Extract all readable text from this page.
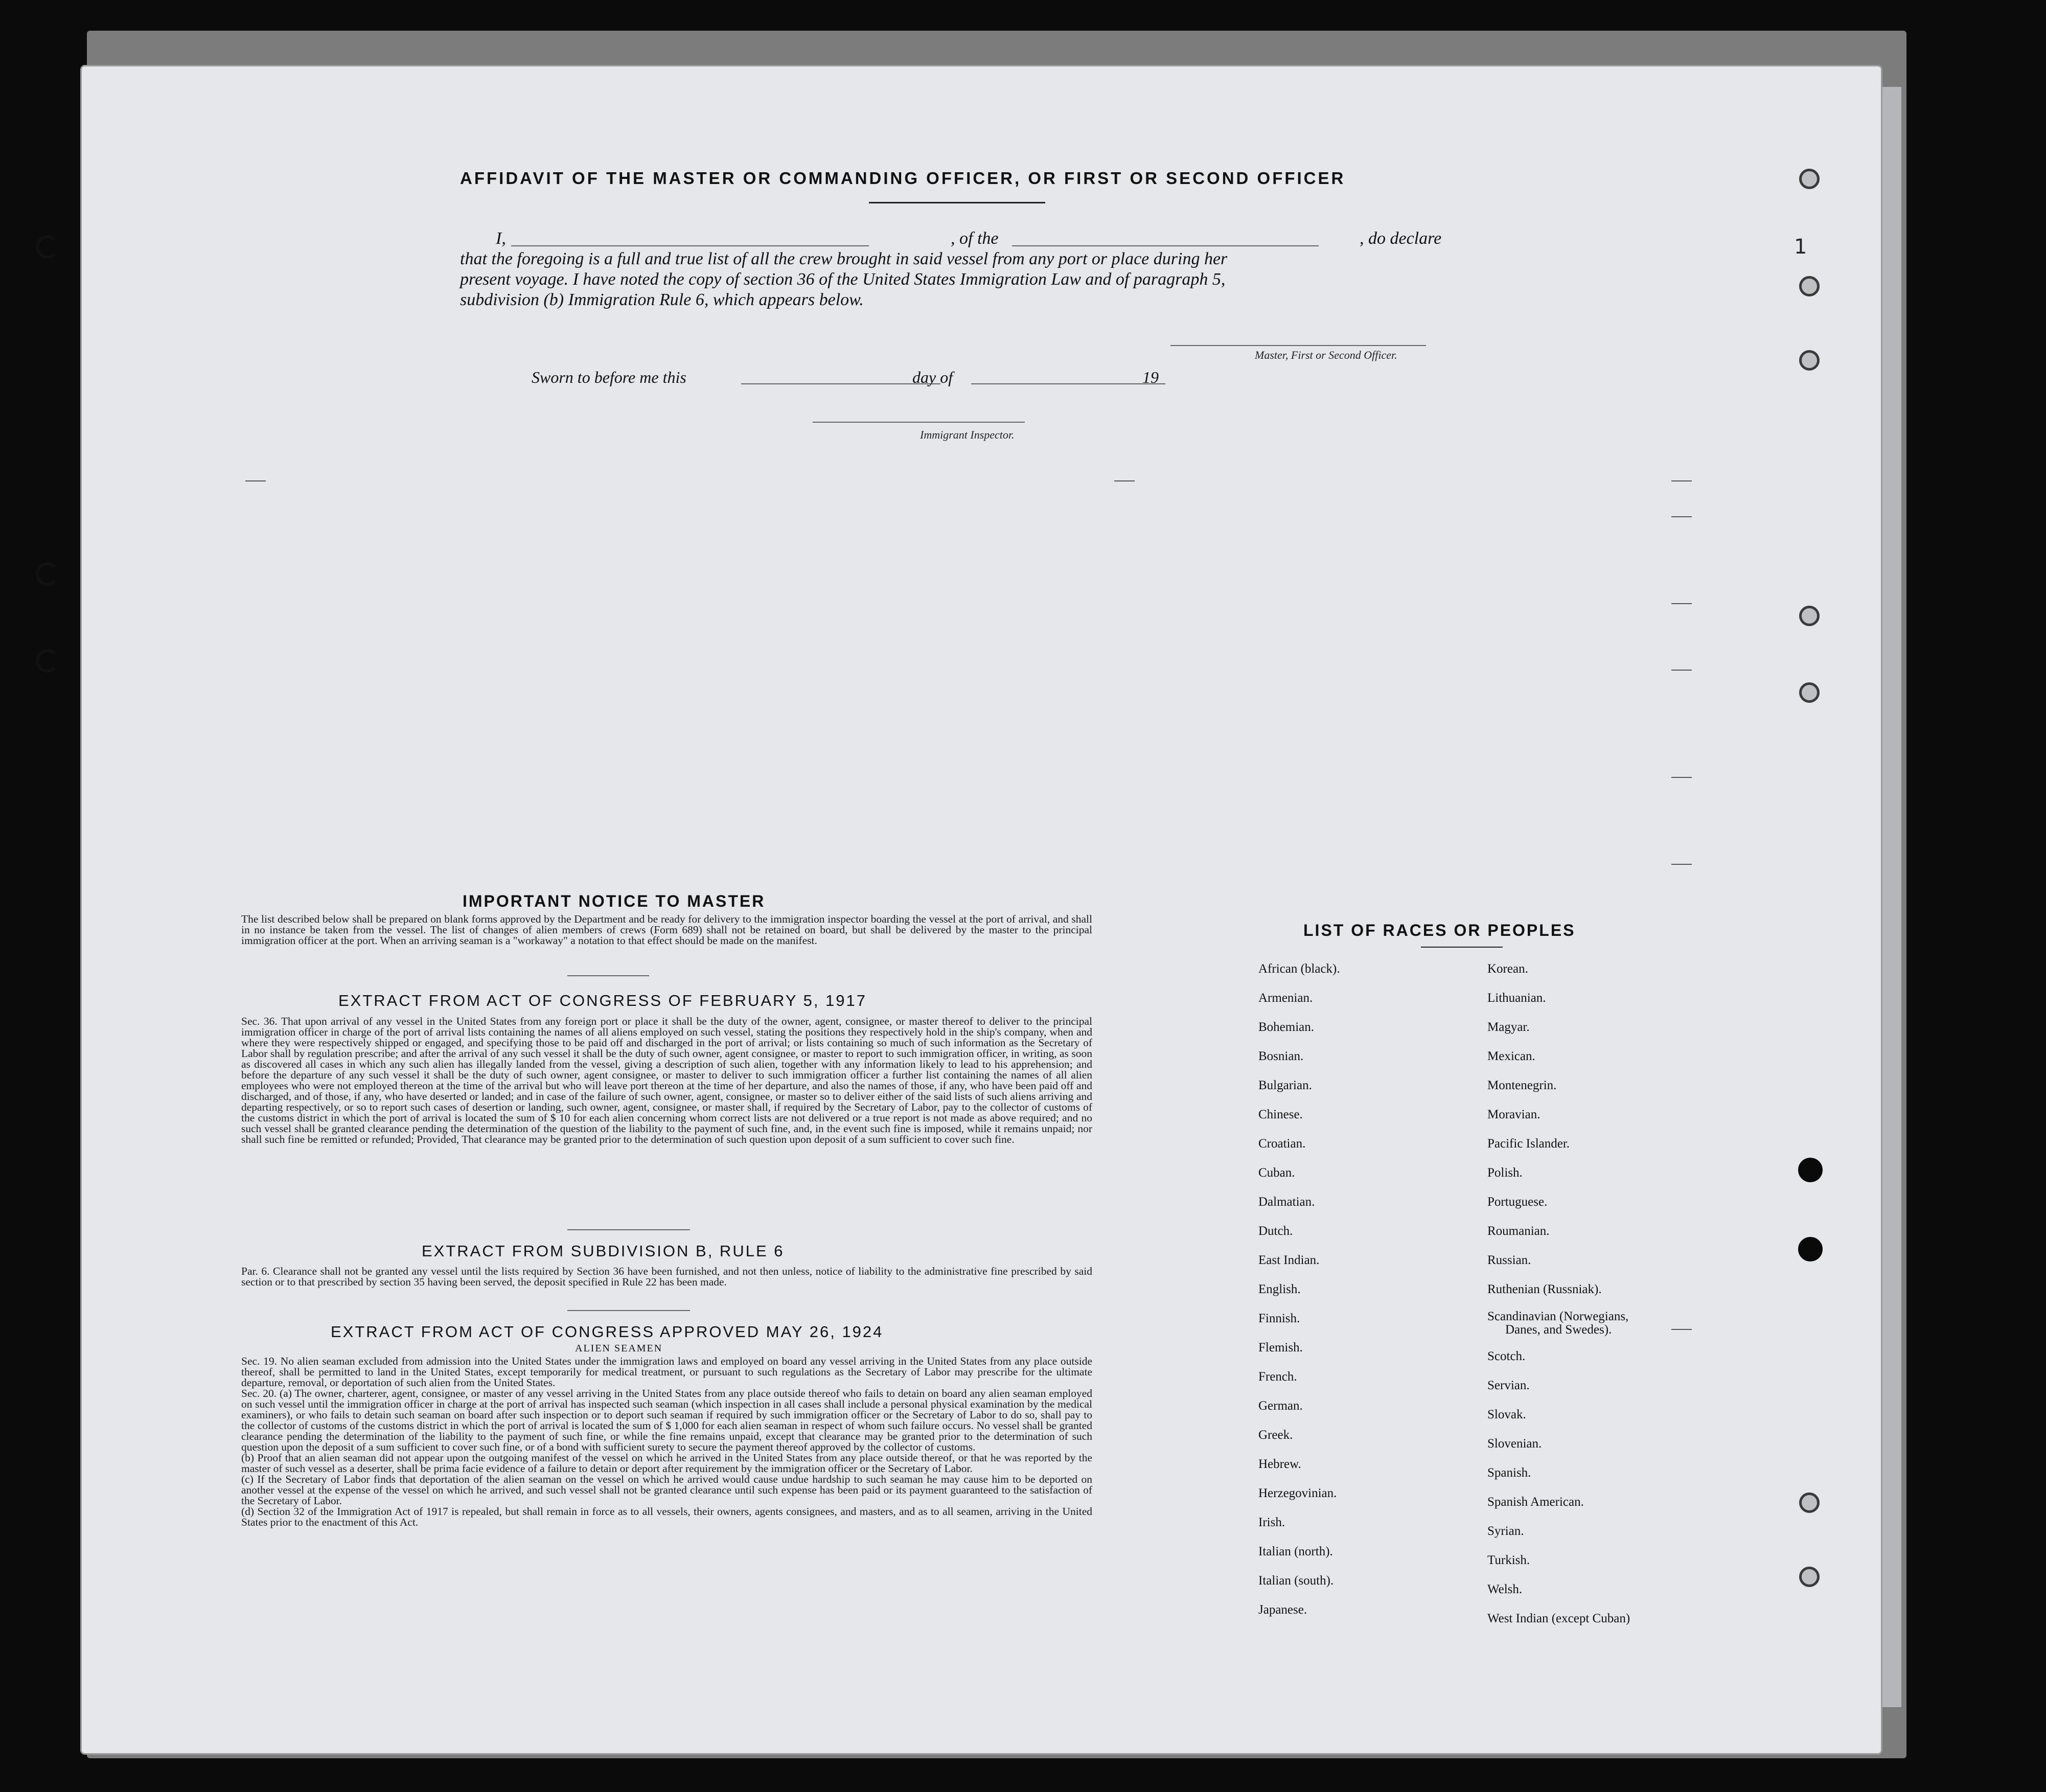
1
AFFIDAVIT OF THE MASTER OR COMMANDING OFFICER, OR FIRST OR SECOND OFFICER
I,	, of the	, do declare
that the foregoing is a full and true list of all the crew brought in said vessel from any port or place during her
present voyage. I have noted the copy of section 36 of the United States Immigration Law and of paragraph 5,
subdivision (b) Immigration Rule 6, which appears below.
Master, First or Second Officer.
Sworn to before me this	day of	19
Immigrant Inspector.
IMPORTANT NOTICE TO MASTER
The list described below shall be prepared on blank forms approved by the Department and be ready for delivery to the immigration inspector boarding the vessel at the port of arrival, and shall in no instance be taken from the vessel. The list of changes of alien members of crews (Form 689) shall not be retained on board, but shall be delivered by the master to the principal immigration officer at the port. When an arriving seaman is a "workaway" a notation to that effect should be made on the manifest.
EXTRACT FROM ACT OF CONGRESS OF FEBRUARY 5, 1917
Sec. 36. That upon arrival of any vessel in the United States from any foreign port or place it shall be the duty of the owner, agent, consignee, or master thereof to deliver to the principal immigration officer in charge of the port of arrival lists containing the names of all aliens employed on such vessel, stating the positions they respectively hold in the ship's company, when and where they were respectively shipped or engaged, and specifying those to be paid off and discharged in the port of arrival; or lists containing so much of such information as the Secretary of Labor shall by regulation prescribe; and after the arrival of any such vessel it shall be the duty of such owner, agent consignee, or master to report to such immigration officer, in writing, as soon as discovered all cases in which any such alien has illegally landed from the vessel, giving a description of such alien, together with any information likely to lead to his apprehension; and before the departure of any such vessel it shall be the duty of such owner, agent consignee, or master to deliver to such immigration officer a further list containing the names of all alien employees who were not employed thereon at the time of the arrival but who will leave port thereon at the time of her departure, and also the names of those, if any, who have been paid off and discharged, and of those, if any, who have deserted or landed; and in case of the failure of such owner, agent, consignee, or master so to deliver either of the said lists of such aliens arriving and departing respectively, or so to report such cases of desertion or landing, such owner, agent, consignee, or master shall, if required by the Secretary of Labor, pay to the collector of customs of the customs district in which the port of arrival is located the sum of $ 10 for each alien concerning whom correct lists are not delivered or a true report is not made as above required; and no such vessel shall be granted clearance pending the determination of the question of the liability to the payment of such fine, and, in the event such fine is imposed, while it remains unpaid; nor shall such fine be remitted or refunded; Provided, That clearance may be granted prior to the determination of such question upon deposit of a sum sufficient to cover such fine.
EXTRACT FROM SUBDIVISION B, RULE 6
Par. 6. Clearance shall not be granted any vessel until the lists required by Section 36 have been furnished, and not then unless, notice of liability to the administrative fine prescribed by said section or to that prescribed by section 35 having been served, the deposit specified in Rule 22 has been made.
EXTRACT FROM ACT OF CONGRESS APPROVED MAY 26, 1924
ALIEN SEAMEN

Sec. 19. No alien seaman excluded from admission into the United States under the immigration laws and employed on board any vessel arriving in the United States from any place outside thereof, shall be permitted to land in the United States, except temporarily for medical treatment, or pursuant to such regulations as the Secretary of Labor may prescribe for the ultimate departure, removal, or deportation of such alien from the United States.

Sec. 20. (a) The owner, charterer, agent, consignee, or master of any vessel arriving in the United States from any place outside thereof who fails to detain on board any alien seaman employed on such vessel until the immigration officer in charge at the port of arrival has inspected such seaman (which inspection in all cases shall include a personal physical examination by the medical examiners), or who fails to detain such seaman on board after such inspection or to deport such seaman if required by such immigration officer or the Secretary of Labor to do so, shall pay to the collector of customs of the customs district in which the port of arrival is located the sum of $ 1,000 for each alien seaman in respect of whom such failure occurs. No vessel shall be granted clearance pending the determination of the liability to the payment of such fine, or while the fine remains unpaid, except that clearance may be granted prior to the determination of such question upon the deposit of a sum sufficient to cover such fine, or of a bond with sufficient surety to secure the payment thereof approved by the collector of customs.

(b) Proof that an alien seaman did not appear upon the outgoing manifest of the vessel on which he arrived in the United States from any place outside thereof, or that he was reported by the master of such vessel as a deserter, shall be prima facie evidence of a failure to detain or deport after requirement by the immigration officer or the Secretary of Labor.

(c) If the Secretary of Labor finds that deportation of the alien seaman on the vessel on which he arrived would cause undue hardship to such seaman he may cause him to be deported on another vessel at the expense of the vessel on which he arrived, and such vessel shall not be granted clearance until such expense has been paid or its payment guaranteed to the satisfaction of the Secretary of Labor.

(d) Section 32 of the Immigration Act of 1917 is repealed, but shall remain in force as to all vessels, their owners, agents consignees, and masters, and as to all seamen, arriving in the United States prior to the enactment of this Act.

LIST OF RACES OR PEOPLES
African (black).
Armenian.
Bohemian.
Bosnian.
Bulgarian.
Chinese.
Croatian.
Cuban.
Dalmatian.
Dutch.
East Indian.
English.
Finnish.
Flemish.
French.
German.
Greek.
Hebrew.
Herzegovinian.
Irish.
Italian (north).
Italian (south).
Japanese.
Korean.
Lithuanian.
Magyar.
Mexican.
Montenegrin.
Moravian.
Pacific Islander.
Polish.
Portuguese.
Roumanian.
Russian.
Ruthenian (Russniak).
Scandinavian (Norwegians,
Danes, and Swedes).
Scotch.
Servian.
Slovak.
Slovenian.
Spanish.
Spanish American.
Syrian.
Turkish.
Welsh.
West Indian (except Cuban)
